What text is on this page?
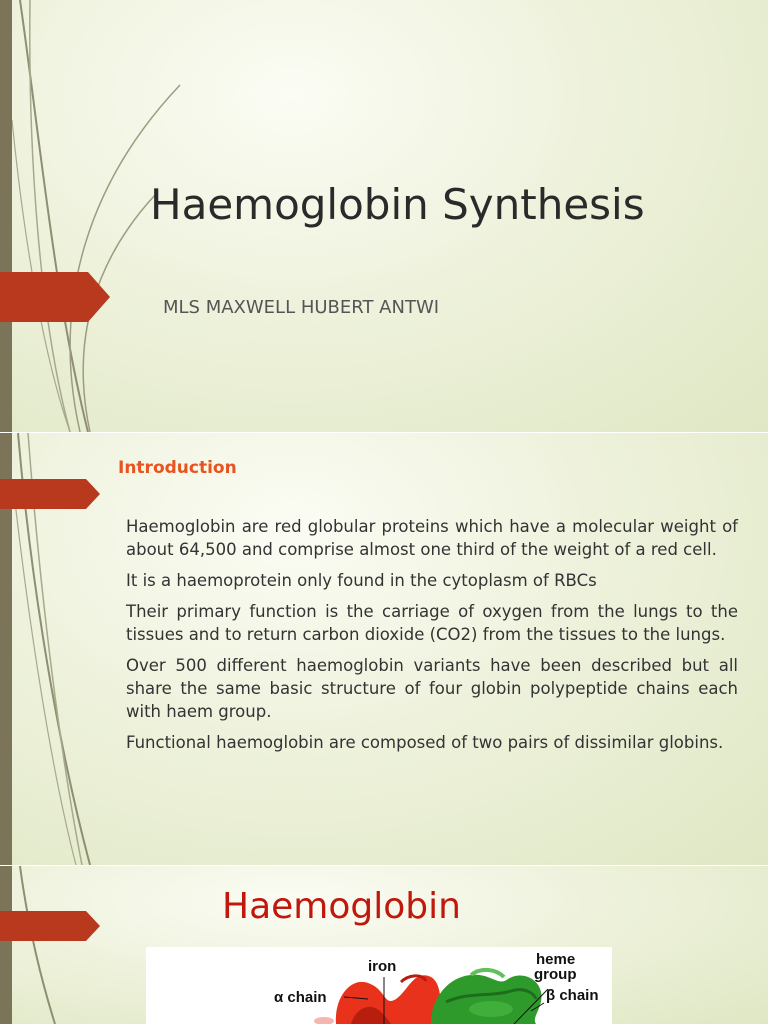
Haemoglobin Synthesis

MLS MAXWELL HUBERT ANTWI

Introduction
Haemoglobin are red globular proteins which have a molecular weight of about 64,500 and comprise almost one third of the weight of a red cell.
It is a haemoprotein only found in the cytoplasm of RBCs
Their primary function is the carriage of oxygen from the lungs to the tissues and to return carbon dioxide (CO2) from the tissues to the lungs.
Over 500 different haemoglobin variants have been described but all share the same basic structure of four globin polypeptide chains each with haem group.
Functional haemoglobin are composed of two pairs of dissimilar globins.
Haemoglobin
iron	heme
group
α chain	β chain
